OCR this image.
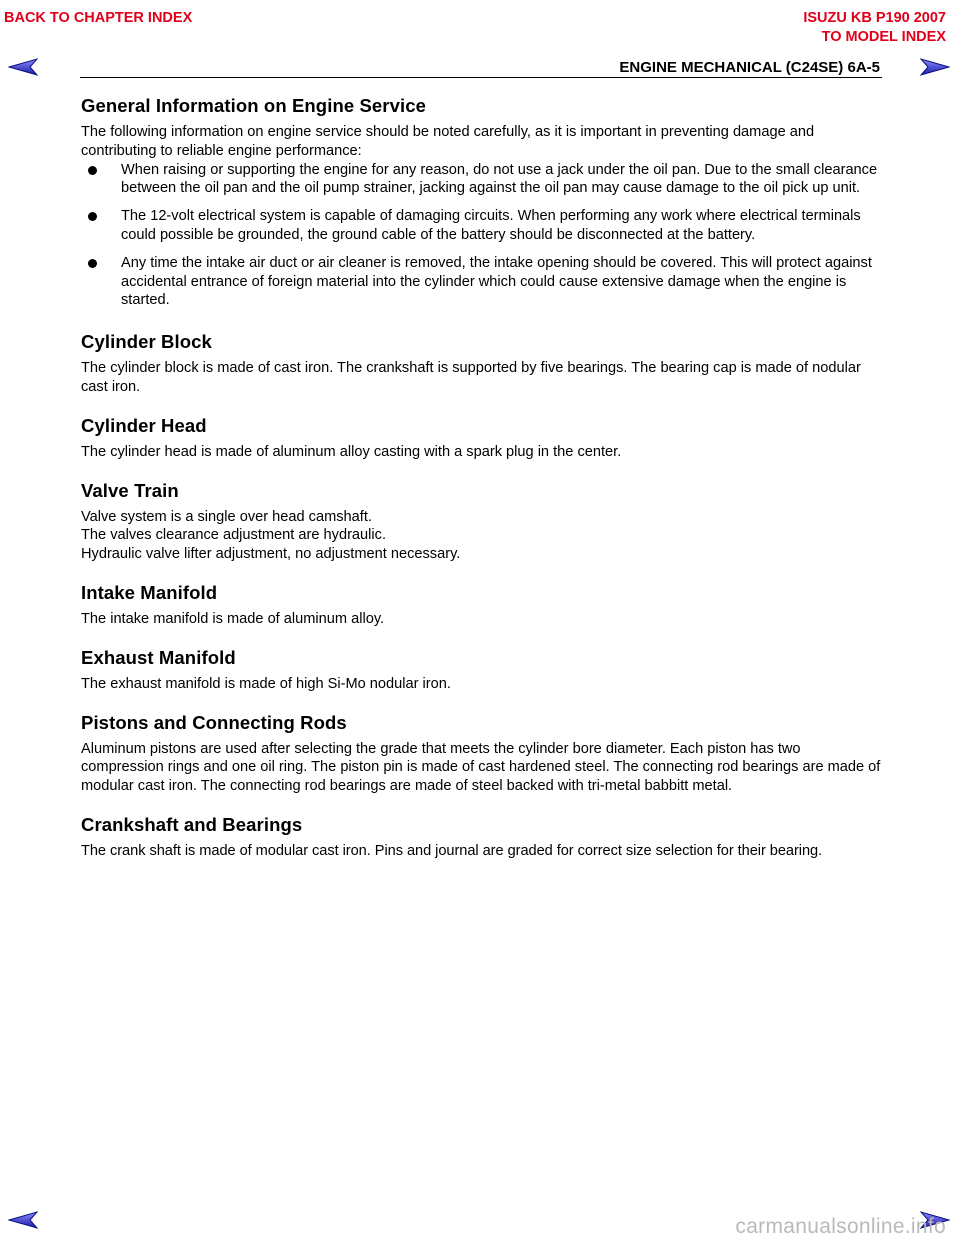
BACK TO CHAPTER INDEX	ISUZU KB P190 2007
TO MODEL INDEX
ENGINE MECHANICAL (C24SE) 6A-5
General Information on Engine Service

The following information on engine service should be noted carefully, as it is important in preventing damage and contributing to reliable engine performance:

When raising or supporting the engine for any reason, do not use a jack under the oil pan. Due to the small clearance between the oil pan and the oil pump strainer, jacking against the oil pan may cause damage to the oil pick up unit.
The 12-volt electrical system is capable of damaging circuits. When performing any work where electrical terminals could possible be grounded, the ground cable of the battery should be disconnected at the battery.
Any time the intake air duct or air cleaner is removed, the intake opening should be covered. This will protect against accidental entrance of foreign material into the cylinder which could cause extensive damage when the engine is started.
Cylinder Block

The cylinder block is made of cast iron. The crankshaft is supported by five bearings. The bearing cap is made of nodular cast iron.

Cylinder Head

The cylinder head is made of aluminum alloy casting with a spark plug in the center.

Valve Train

Valve system is a single over head camshaft.

The valves clearance adjustment are hydraulic.

Hydraulic valve lifter adjustment, no adjustment necessary.

Intake Manifold

The intake manifold is made of aluminum alloy.

Exhaust Manifold

The exhaust manifold is made of high Si-Mo nodular iron.

Pistons and Connecting Rods

Aluminum pistons are used after selecting the grade that meets the cylinder bore diameter. Each piston has two compression rings and one oil ring. The piston pin is made of cast hardened steel. The connecting rod bearings are made of modular cast iron. The connecting rod bearings are made of steel backed with tri-metal babbitt metal.

Crankshaft and Bearings

The crank shaft is made of modular cast iron. Pins and journal are graded for correct size selection for their bearing.

carmanualsonline.info
